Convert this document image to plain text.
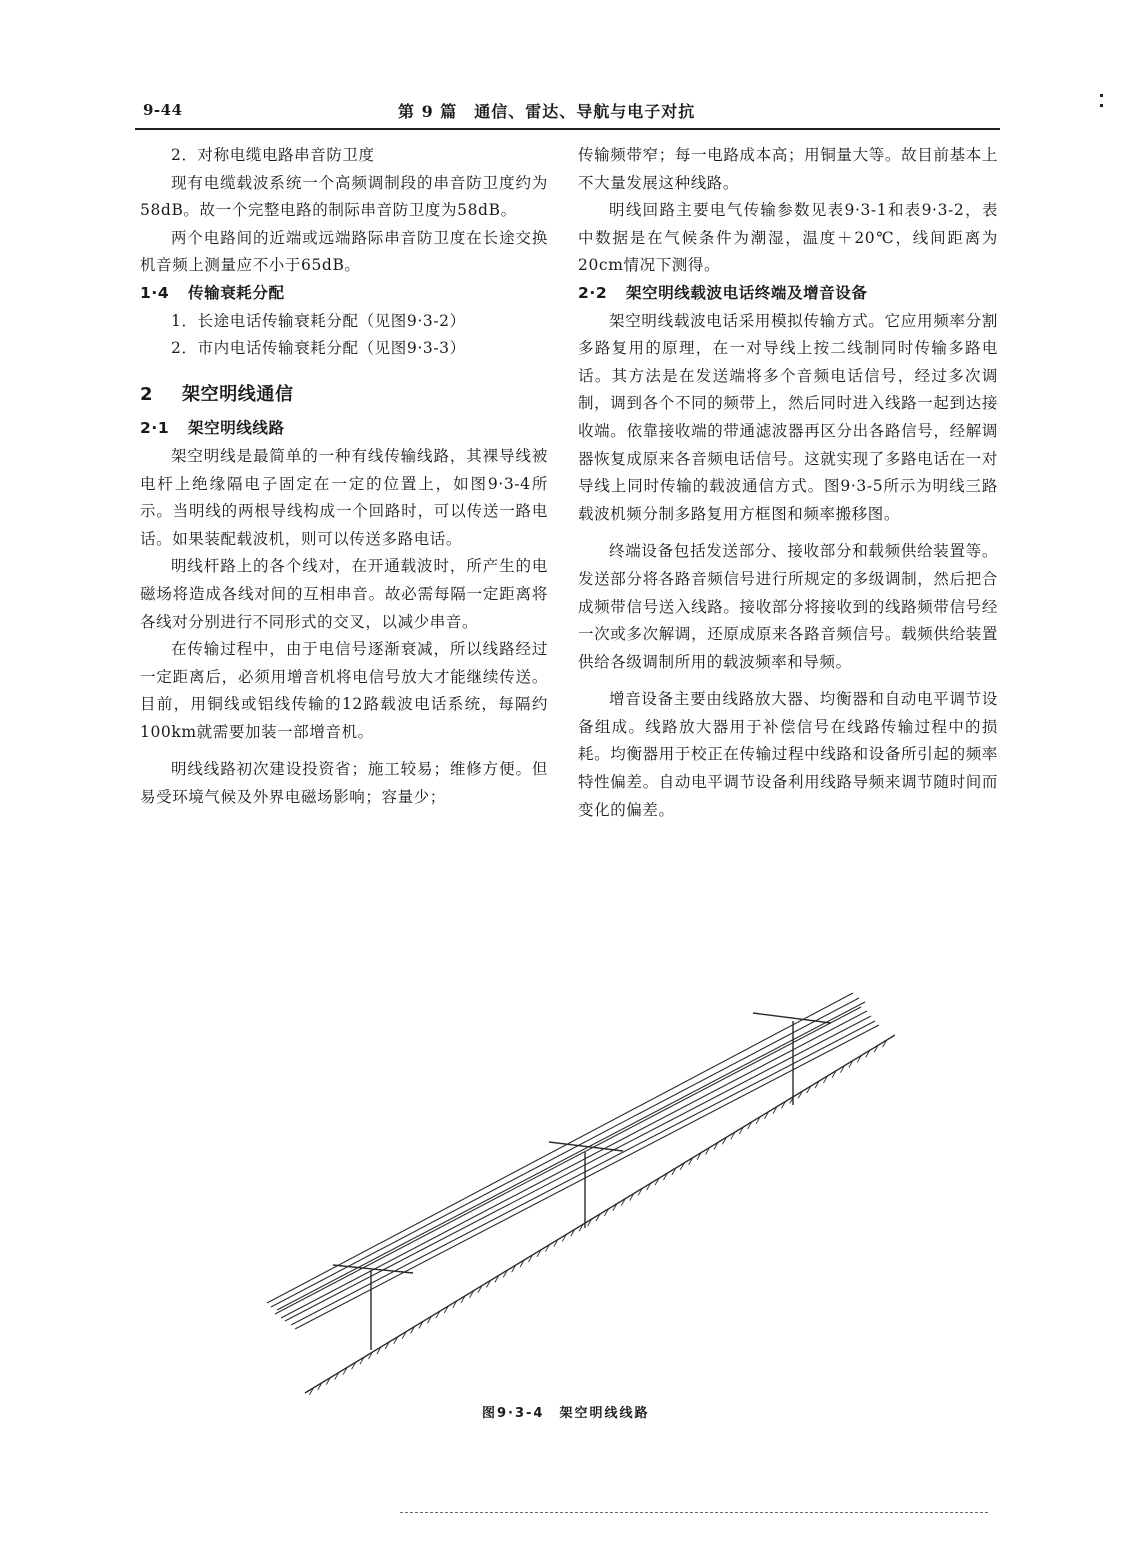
9-44	第 9 篇　通信、雷达、导航与电子对抗

2．对称电缆电路串音防卫度

现有电缆载波系统一个高频调制段的串音防卫度约为58dB。故一个完整电路的制际串音防卫度为58dB。

两个电路间的近端或远端路际串音防卫度在长途交换机音频上测量应不小于65dB。

1·4 传输衰耗分配

1．长途电话传输衰耗分配（见图9·3-2）

2．市内电话传输衰耗分配（见图9·3-3）

2 架空明线通信

2·1 架空明线线路

架空明线是最简单的一种有线传输线路，其裸导线被电杆上绝缘隔电子固定在一定的位置上，如图9·3-4所示。当明线的两根导线构成一个回路时，可以传送一路电话。如果装配载波机，则可以传送多路电话。

明线杆路上的各个线对，在开通载波时，所产生的电磁场将造成各线对间的互相串音。故必需每隔一定距离将各线对分别进行不同形式的交叉，以减少串音。

在传输过程中，由于电信号逐渐衰减，所以线路经过一定距离后，必须用增音机将电信号放大才能继续传送。目前，用铜线或铝线传输的12路载波电话系统，每隔约100km就需要加装一部增音机。

明线线路初次建设投资省；施工较易；维修方便。但易受环境气候及外界电磁场影响；容量少；

传输频带窄；每一电路成本高；用铜量大等。故目前基本上不大量发展这种线路。

明线回路主要电气传输参数见表9·3-1和表9·3-2，表中数据是在气候条件为潮湿，温度＋20℃，线间距离为20cm情况下测得。

2·2 架空明线载波电话终端及增音设备

架空明线载波电话采用模拟传输方式。它应用频率分割多路复用的原理，在一对导线上按二线制同时传输多路电话。其方法是在发送端将多个音频电话信号，经过多次调制，调到各个不同的频带上，然后同时进入线路一起到达接收端。依靠接收端的带通滤波器再区分出各路信号，经解调器恢复成原来各音频电话信号。这就实现了多路电话在一对导线上同时传输的载波通信方式。图9·3-5所示为明线三路载波机频分制多路复用方框图和频率搬移图。

终端设备包括发送部分、接收部分和载频供给装置等。发送部分将各路音频信号进行所规定的多级调制，然后把合成频带信号送入线路。接收部分将接收到的线路频带信号经一次或多次解调，还原成原来各路音频信号。载频供给装置供给各级调制所用的载波频率和导频。

增音设备主要由线路放大器、均衡器和自动电平调节设备组成。线路放大器用于补偿信号在线路传输过程中的损耗。均衡器用于校正在传输过程中线路和设备所引起的频率特性偏差。自动电平调节设备利用线路导频来调节随时间而变化的偏差。

图9·3-4　架空明线线路
